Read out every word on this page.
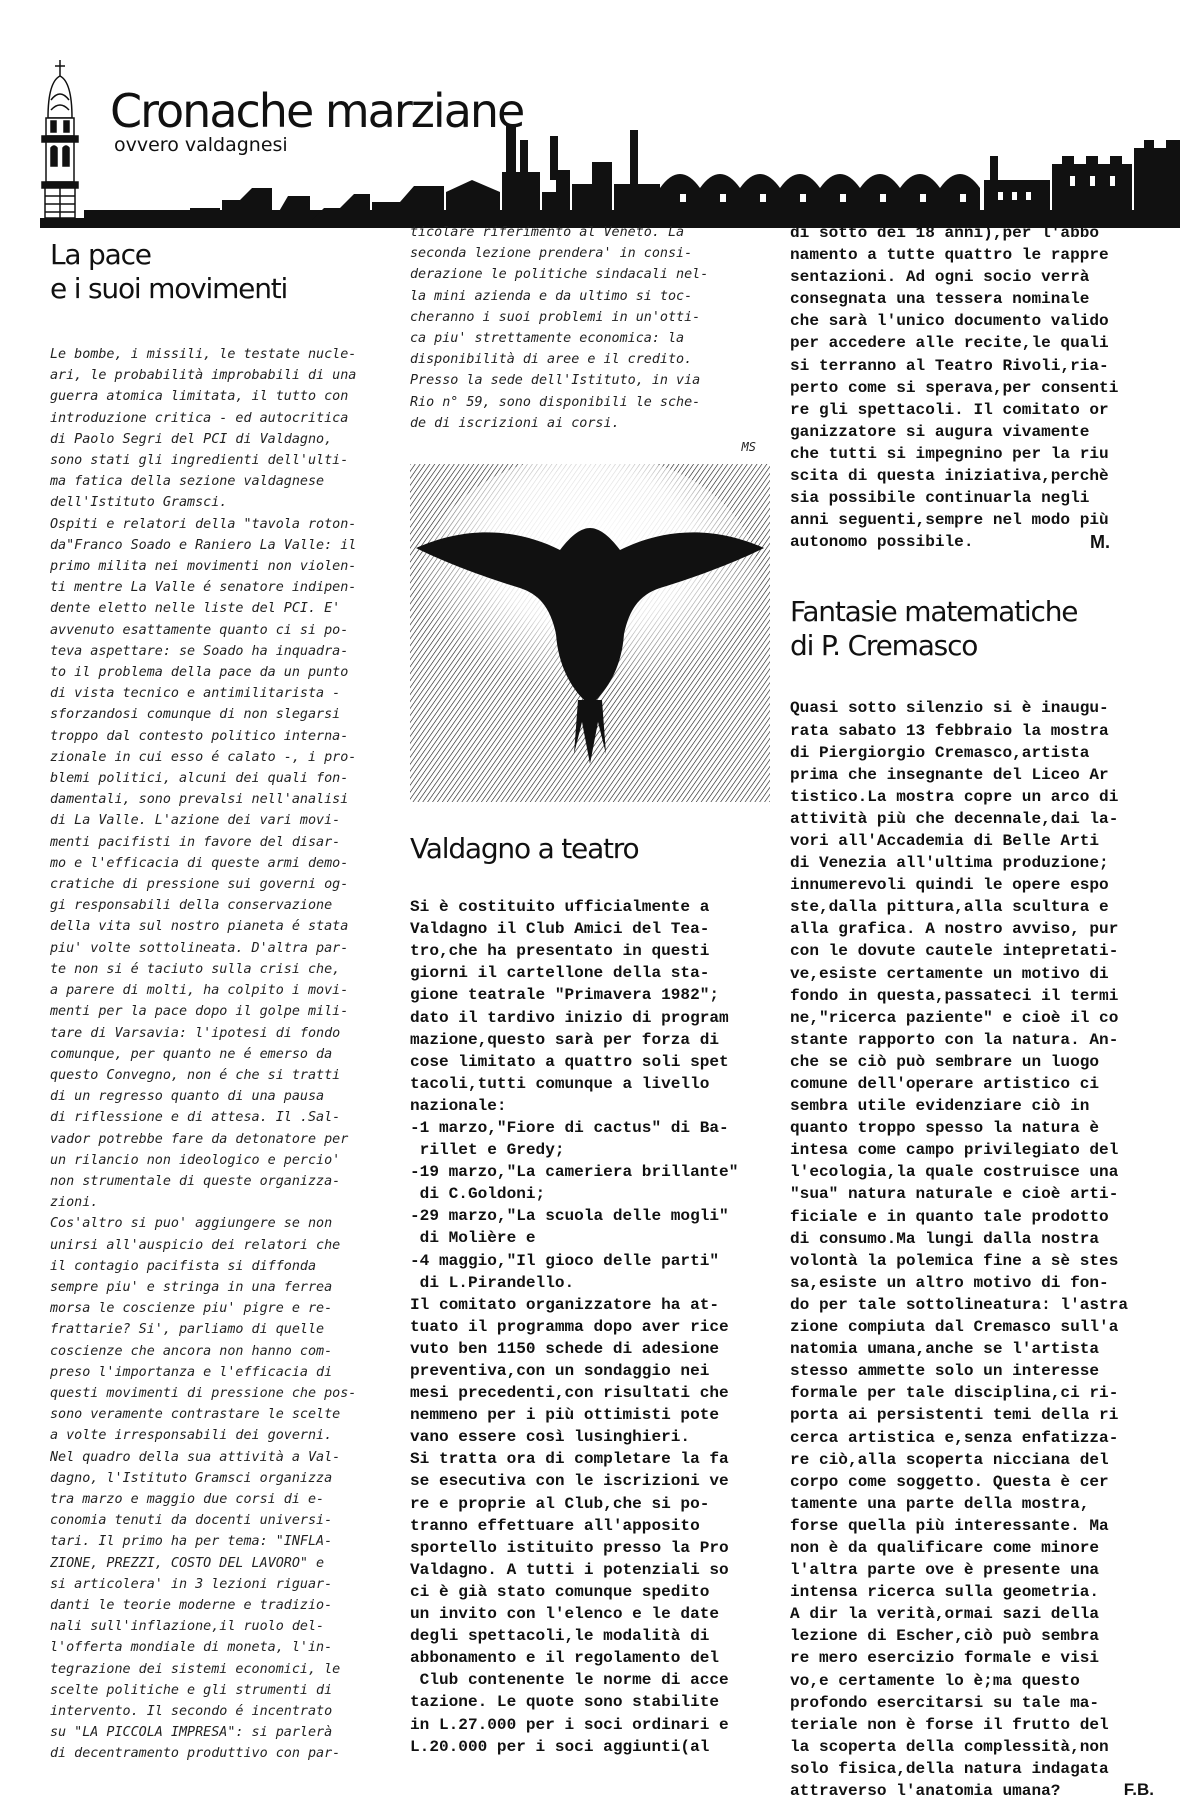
Cronache marziane
ovvero valdagnesi
La pace
e i suoi movimenti
Le bombe, i missili, le testate nucle-
ari, le probabilità improbabili di una
guerra atomica limitata, il tutto con
introduzione critica - ed autocritica
di Paolo Segri del PCI di Valdagno,
sono stati gli ingredienti dell'ulti-
ma fatica della sezione valdagnese
dell'Istituto Gramsci.
Ospiti e relatori della "tavola roton-
da"Franco Soado e Raniero La Valle: il
primo milita nei movimenti non violen-
ti mentre La Valle é senatore indipen-
dente eletto nelle liste del PCI. E'
avvenuto esattamente quanto ci si po-
teva aspettare: se Soado ha inquadra-
to il problema della pace da un punto
di vista tecnico e antimilitarista -
sforzandosi comunque di non slegarsi
troppo dal contesto politico interna-
zionale in cui esso é calato -, i pro-
blemi politici, alcuni dei quali fon-
damentali, sono prevalsi nell'analisi
di La Valle. L'azione dei vari movi-
menti pacifisti in favore del disar-
mo e l'efficacia di queste armi demo-
cratiche di pressione sui governi og-
gi responsabili della conservazione
della vita sul nostro pianeta é stata
piu' volte sottolineata. D'altra par-
te non si é taciuto sulla crisi che,
a parere di molti, ha colpito i movi-
menti per la pace dopo il golpe mili-
tare di Varsavia: l'ipotesi di fondo
comunque, per quanto ne é emerso da
questo Convegno, non é che si tratti
di un regresso quanto di una pausa
di riflessione e di attesa. Il .Sal-
vador potrebbe fare da detonatore per
un rilancio non ideologico e percio'
non strumentale di queste organizza-
zioni.
Cos'altro si puo' aggiungere se non
unirsi all'auspicio dei relatori che
il contagio pacifista si diffonda
sempre piu' e stringa in una ferrea
morsa le coscienze piu' pigre e re-
frattarie? Si', parliamo di quelle
coscienze che ancora non hanno com-
preso l'importanza e l'efficacia di
questi movimenti di pressione che pos-
sono veramente contrastare le scelte
a volte irresponsabili dei governi.
Nel quadro della sua attività a Val-
dagno, l'Istituto Gramsci organizza
tra marzo e maggio due corsi di e-
conomia tenuti da docenti universi-
tari. Il primo ha per tema: "INFLA-
ZIONE, PREZZI, COSTO DEL LAVORO" e
si articolera' in 3 lezioni riguar-
danti le teorie moderne e tradizio-
nali sull'inflazione,il ruolo del-
l'offerta mondiale di moneta, l'in-
tegrazione dei sistemi economici, le
scelte politiche e gli strumenti di
intervento. Il secondo é incentrato
su "LA PICCOLA IMPRESA": si parlerà
di decentramento produttivo con par-
ticolare riferimento al Veneto. La
seconda lezione prendera' in consi-
derazione le politiche sindacali nel-
la mini azienda e da ultimo si toc-
cheranno i suoi problemi in un'otti-
ca piu' strettamente economica: la
disponibilità di aree e il credito.
Presso la sede dell'Istituto, in via
Rio n° 59, sono disponibili le sche-
de di iscrizioni ai corsi.
MS
Valdagno a teatro
Si è costituito ufficialmente a
Valdagno il Club Amici del Tea-
tro,che ha presentato in questi
giorni il cartellone della sta-
gione teatrale "Primavera 1982";
dato il tardivo inizio di program
mazione,questo sarà per forza di
cose limitato a quattro soli spet
tacoli,tutti comunque a livello
nazionale:
-1 marzo,"Fiore di cactus" di Ba-
rillet e Gredy;
-19 marzo,"La cameriera brillante"
di C.Goldoni;
-29 marzo,"La scuola delle mogli"
di Molière e
-4 maggio,"Il gioco delle parti"
di L.Pirandello.
Il comitato organizzatore ha at-
tuato il programma dopo aver rice
vuto ben 1150 schede di adesione
preventiva,con un sondaggio nei
mesi precedenti,con risultati che
nemmeno per i più ottimisti pote
vano essere così lusinghieri.
Si tratta ora di completare la fa
se esecutiva con le iscrizioni ve
re e proprie al Club,che si po-
tranno effettuare all'apposito
sportello istituito presso la Pro
Valdagno. A tutti i potenziali so
ci è già stato comunque spedito
un invito con l'elenco e le date
degli spettacoli,le modalità di
abbonamento e il regolamento del
Club contenente le norme di acce
tazione. Le quote sono stabilite
in L.27.000 per i soci ordinari e
L.20.000 per i soci aggiunti(al
di sotto dei 18 anni),per l'abbo
namento a tutte quattro le rappre
sentazioni. Ad ogni socio verrà
consegnata una tessera nominale
che sarà l'unico documento valido
per accedere alle recite,le quali
si terranno al Teatro Rivoli,ria-
perto come si sperava,per consenti
re gli spettacoli. Il comitato or
ganizzatore si augura vivamente
che tutti si impegnino per la riu
scita di questa iniziativa,perchè
sia possibile continuarla negli
anni seguenti,sempre nel modo più
autonomo possibile.	M.
Fantasie matematiche
di P. Cremasco
Quasi sotto silenzio si è inaugu-
rata sabato 13 febbraio la mostra
di Piergiorgio Cremasco,artista
prima che insegnante del Liceo Ar
tistico.La mostra copre un arco di
attività più che decennale,dai la-
vori all'Accademia di Belle Arti
di Venezia all'ultima produzione;
innumerevoli quindi le opere espo
ste,dalla pittura,alla scultura e
alla grafica. A nostro avviso, pur
con le dovute cautele intepretati-
ve,esiste certamente un motivo di
fondo in questa,passateci il termi
ne,"ricerca paziente" e cioè il co
stante rapporto con la natura. An-
che se ciò può sembrare un luogo
comune dell'operare artistico ci
sembra utile evidenziare ciò in
quanto troppo spesso la natura è
intesa come campo privilegiato del
l'ecologia,la quale costruisce una
"sua" natura naturale e cioè arti-
ficiale e in quanto tale prodotto
di consumo.Ma lungi dalla nostra
volontà la polemica fine a sè stes
sa,esiste un altro motivo di fon-
do per tale sottolineatura: l'astra
zione compiuta dal Cremasco sull'a
natomia umana,anche se l'artista
stesso ammette solo un interesse
formale per tale disciplina,ci ri-
porta ai persistenti temi della ri
cerca artistica e,senza enfatizza-
re ciò,alla scoperta nicciana del
corpo come soggetto. Questa è cer
tamente una parte della mostra,
forse quella più interessante. Ma
non è da qualificare come minore
l'altra parte ove è presente una
intensa ricerca sulla geometria.
A dir la verità,ormai sazi della
lezione di Escher,ciò può sembra
re mero esercizio formale e visi
vo,e certamente lo è;ma questo
profondo esercitarsi su tale ma-
teriale non è forse il frutto del
la scoperta della complessità,non
solo fisica,della natura indagata
attraverso l'anatomia umana?	F.B.
